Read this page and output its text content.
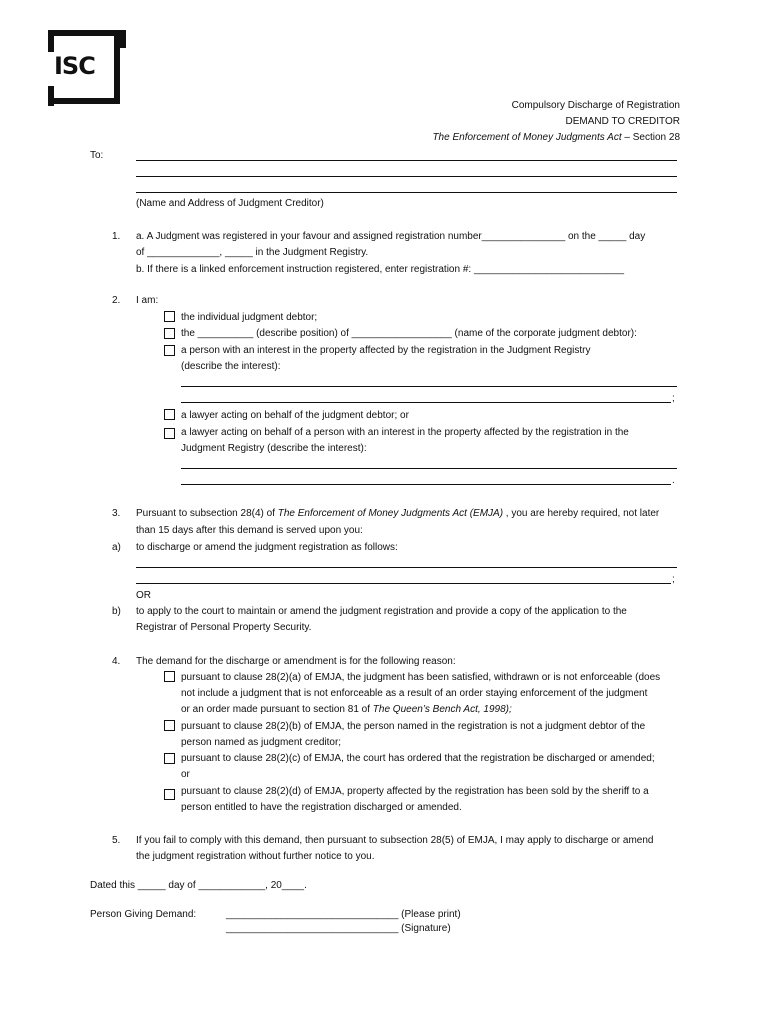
ISC
Compulsory Discharge of Registration
DEMAND TO CREDITOR
The Enforcement of Money Judgments Act – Section 28
To:
(Name and Address of Judgment Creditor)
1. a. A Judgment was registered in your favour and assigned registration number_______________ on the _____ day
of _____________, _____ in the Judgment Registry.
b. If there is a linked enforcement instruction registered, enter registration #: ___________________________
2. I am:
the individual judgment debtor;
the __________ (describe position) of __________________ (name of the corporate judgment debtor):
a person with an interest in the property affected by the registration in the Judgment Registry
(describe the interest):
;
a lawyer acting on behalf of the judgment debtor; or
a lawyer acting on behalf of a person with an interest in the property affected by the registration in the
Judgment Registry (describe the interest):
.
3. Pursuant to subsection 28(4) of The Enforcement of Money Judgments Act (EMJA) , you are hereby required, not later
than 15 days after this demand is served upon you:
a) to discharge or amend the judgment registration as follows:
;
OR
b) to apply to the court to maintain or amend the judgment registration and provide a copy of the application to the
Registrar of Personal Property Security.
4. The demand for the discharge or amendment is for the following reason:
pursuant to clause 28(2)(a) of EMJA, the judgment has been satisfied, withdrawn or is not enforceable (does
not include a judgment that is not enforceable as a result of an order staying enforcement of the judgment
or an order made pursuant to section 81 of The Queen’s Bench Act, 1998);
pursuant to clause 28(2)(b) of EMJA, the person named in the registration is not a judgment debtor of the
person named as judgment creditor;
pursuant to clause 28(2)(c) of EMJA, the court has ordered that the registration be discharged or amended;
or
pursuant to clause 28(2)(d) of EMJA, property affected by the registration has been sold by the sheriff to a
person entitled to have the registration discharged or amended.
5. If you fail to comply with this demand, then pursuant to subsection 28(5) of EMJA, I may apply to discharge or amend
the judgment registration without further notice to you.
Dated this _____ day of ____________, 20____.
Person Giving Demand:	_______________________________ (Please print)
_______________________________ (Signature)
